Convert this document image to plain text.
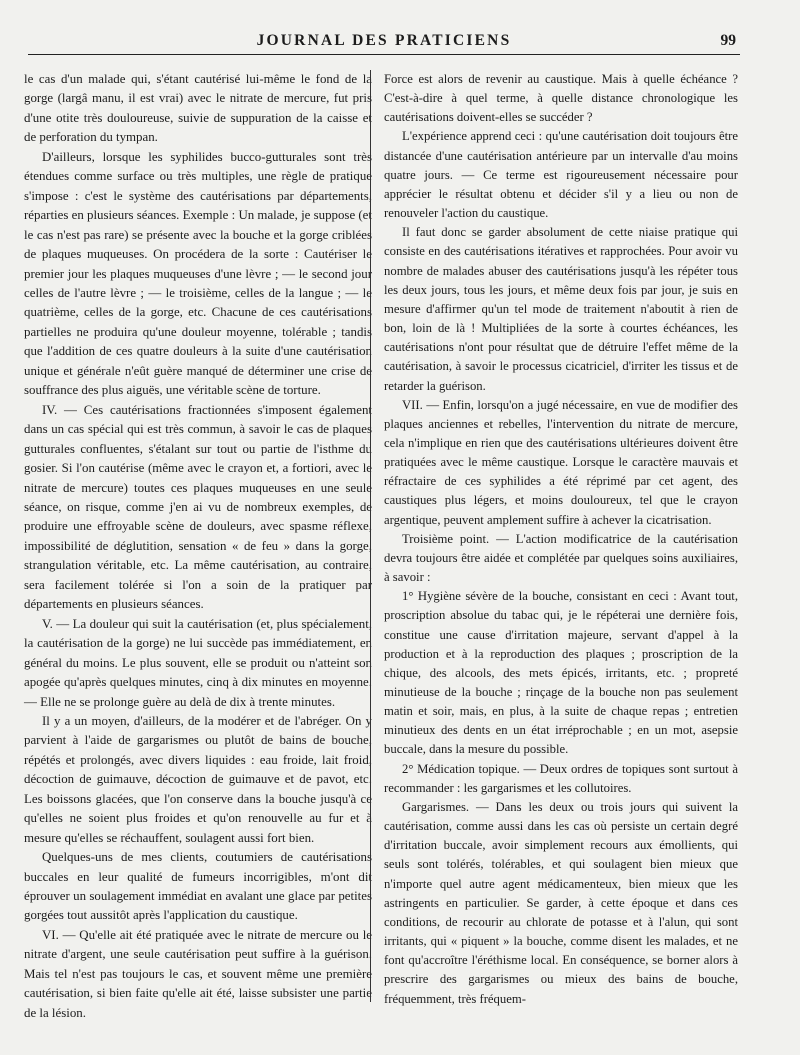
JOURNAL DES PRATICIENS	99

le cas d'un malade qui, s'étant cautérisé lui-même le fond de la gorge (largâ manu, il est vrai) avec le nitrate de mercure, fut pris d'une otite très douloureuse, suivie de suppuration de la caisse et de perforation du tympan.

D'ailleurs, lorsque les syphilides bucco-gutturales sont très étendues comme surface ou très multiples, une règle de pratique s'impose : c'est le système des cautérisations par départements, réparties en plusieurs séances. Exemple : Un malade, je suppose (et le cas n'est pas rare) se présente avec la bouche et la gorge criblées de plaques muqueuses. On procédera de la sorte : Cautériser le premier jour les plaques muqueuses d'une lèvre ; — le second jour celles de l'autre lèvre ; — le troisième, celles de la langue ; — le quatrième, celles de la gorge, etc. Chacune de ces cautérisations partielles ne produira qu'une douleur moyenne, tolérable ; tandis que l'addition de ces quatre douleurs à la suite d'une cautérisation unique et générale n'eût guère manqué de déterminer une crise de souffrance des plus aiguës, une véritable scène de torture.

IV. — Ces cautérisations fractionnées s'imposent également dans un cas spécial qui est très commun, à savoir le cas de plaques gutturales confluentes, s'étalant sur tout ou partie de l'isthme du gosier. Si l'on cautérise (même avec le crayon et, a fortiori, avec le nitrate de mercure) toutes ces plaques muqueuses en une seule séance, on risque, comme j'en ai vu de nombreux exemples, de produire une effroyable scène de douleurs, avec spasme réflexe, impossibilité de déglutition, sensation « de feu » dans la gorge, strangulation véritable, etc. La même cautérisation, au contraire, sera facilement tolérée si l'on a soin de la pratiquer par départements en plusieurs séances.

V. — La douleur qui suit la cautérisation (et, plus spécialement, la cautérisation de la gorge) ne lui succède pas immédiatement, en général du moins. Le plus souvent, elle se produit ou n'atteint son apogée qu'après quelques minutes, cinq à dix minutes en moyenne.— Elle ne se prolonge guère au delà de dix à trente minutes.

Il y a un moyen, d'ailleurs, de la modérer et de l'abréger. On y parvient à l'aide de gargarismes ou plutôt de bains de bouche, répétés et prolongés, avec divers liquides : eau froide, lait froid, décoction de guimauve, décoction de guimauve et de pavot, etc. Les boissons glacées, que l'on conserve dans la bouche jusqu'à ce qu'elles ne soient plus froides et qu'on renouvelle au fur et à mesure qu'elles se réchauffent, soulagent aussi fort bien.

Quelques-uns de mes clients, coutumiers de cautérisations buccales en leur qualité de fumeurs incorrigibles, m'ont dit éprouver un soulagement immédiat en avalant une glace par petites gorgées tout aussitôt après l'application du caustique.

VI. — Qu'elle ait été pratiquée avec le nitrate de mercure ou le nitrate d'argent, une seule cautérisation peut suffire à la guérison. Mais tel n'est pas toujours le cas, et souvent même une première cautérisation, si bien faite qu'elle ait été, laisse subsister une partie de la lésion.

Force est alors de revenir au caustique. Mais à quelle échéance ? C'est-à-dire à quel terme, à quelle distance chronologique les cautérisations doivent-elles se succéder ?

L'expérience apprend ceci : qu'une cautérisation doit toujours être distancée d'une cautérisation antérieure par un intervalle d'au moins quatre jours. — Ce terme est rigoureusement nécessaire pour apprécier le résultat obtenu et décider s'il y a lieu ou non de renouveler l'action du caustique.

Il faut donc se garder absolument de cette niaise pratique qui consiste en des cautérisations itératives et rapprochées. Pour avoir vu nombre de malades abuser des cautérisations jusqu'à les répéter tous les deux jours, tous les jours, et même deux fois par jour, je suis en mesure d'affirmer qu'un tel mode de traitement n'aboutit à rien de bon, loin de là ! Multipliées de la sorte à courtes échéances, les cautérisations n'ont pour résultat que de détruire l'effet même de la cautérisation, à savoir le processus cicatriciel, d'irriter les tissus et de retarder la guérison.

VII. — Enfin, lorsqu'on a jugé nécessaire, en vue de modifier des plaques anciennes et rebelles, l'intervention du nitrate de mercure, cela n'implique en rien que des cautérisations ultérieures doivent être pratiquées avec le même caustique. Lorsque le caractère mauvais et réfractaire de ces syphilides a été réprimé par cet agent, des caustiques plus légers, et moins douloureux, tel que le crayon argentique, peuvent amplement suffire à achever la cicatrisation.

Troisième point. — L'action modificatrice de la cautérisation devra toujours être aidée et complétée par quelques soins auxiliaires, à savoir :

1° Hygiène sévère de la bouche, consistant en ceci : Avant tout, proscription absolue du tabac qui, je le répéterai une dernière fois, constitue une cause d'irritation majeure, servant d'appel à la production et à la reproduction des plaques ; proscription de la chique, des alcools, des mets épicés, irritants, etc. ; propreté minutieuse de la bouche ; rinçage de la bouche non pas seulement matin et soir, mais, en plus, à la suite de chaque repas ; entretien minutieux des dents en un état irréprochable ; en un mot, asepsie buccale, dans la mesure du possible.

2° Médication topique. — Deux ordres de topiques sont surtout à recommander : les gargarismes et les collutoires.

Gargarismes. — Dans les deux ou trois jours qui suivent la cautérisation, comme aussi dans les cas où persiste un certain degré d'irritation buccale, avoir simplement recours aux émollients, qui seuls sont tolérés, tolérables, et qui soulagent bien mieux que n'importe quel autre agent médicamenteux, bien mieux que les astringents en particulier. Se garder, à cette époque et dans ces conditions, de recourir au chlorate de potasse et à l'alun, qui sont irritants, qui « piquent » la bouche, comme disent les malades, et ne font qu'accroître l'éréthisme local. En conséquence, se borner alors à prescrire des gargarismes ou mieux des bains de bouche, fréquemment, très fréquem-
